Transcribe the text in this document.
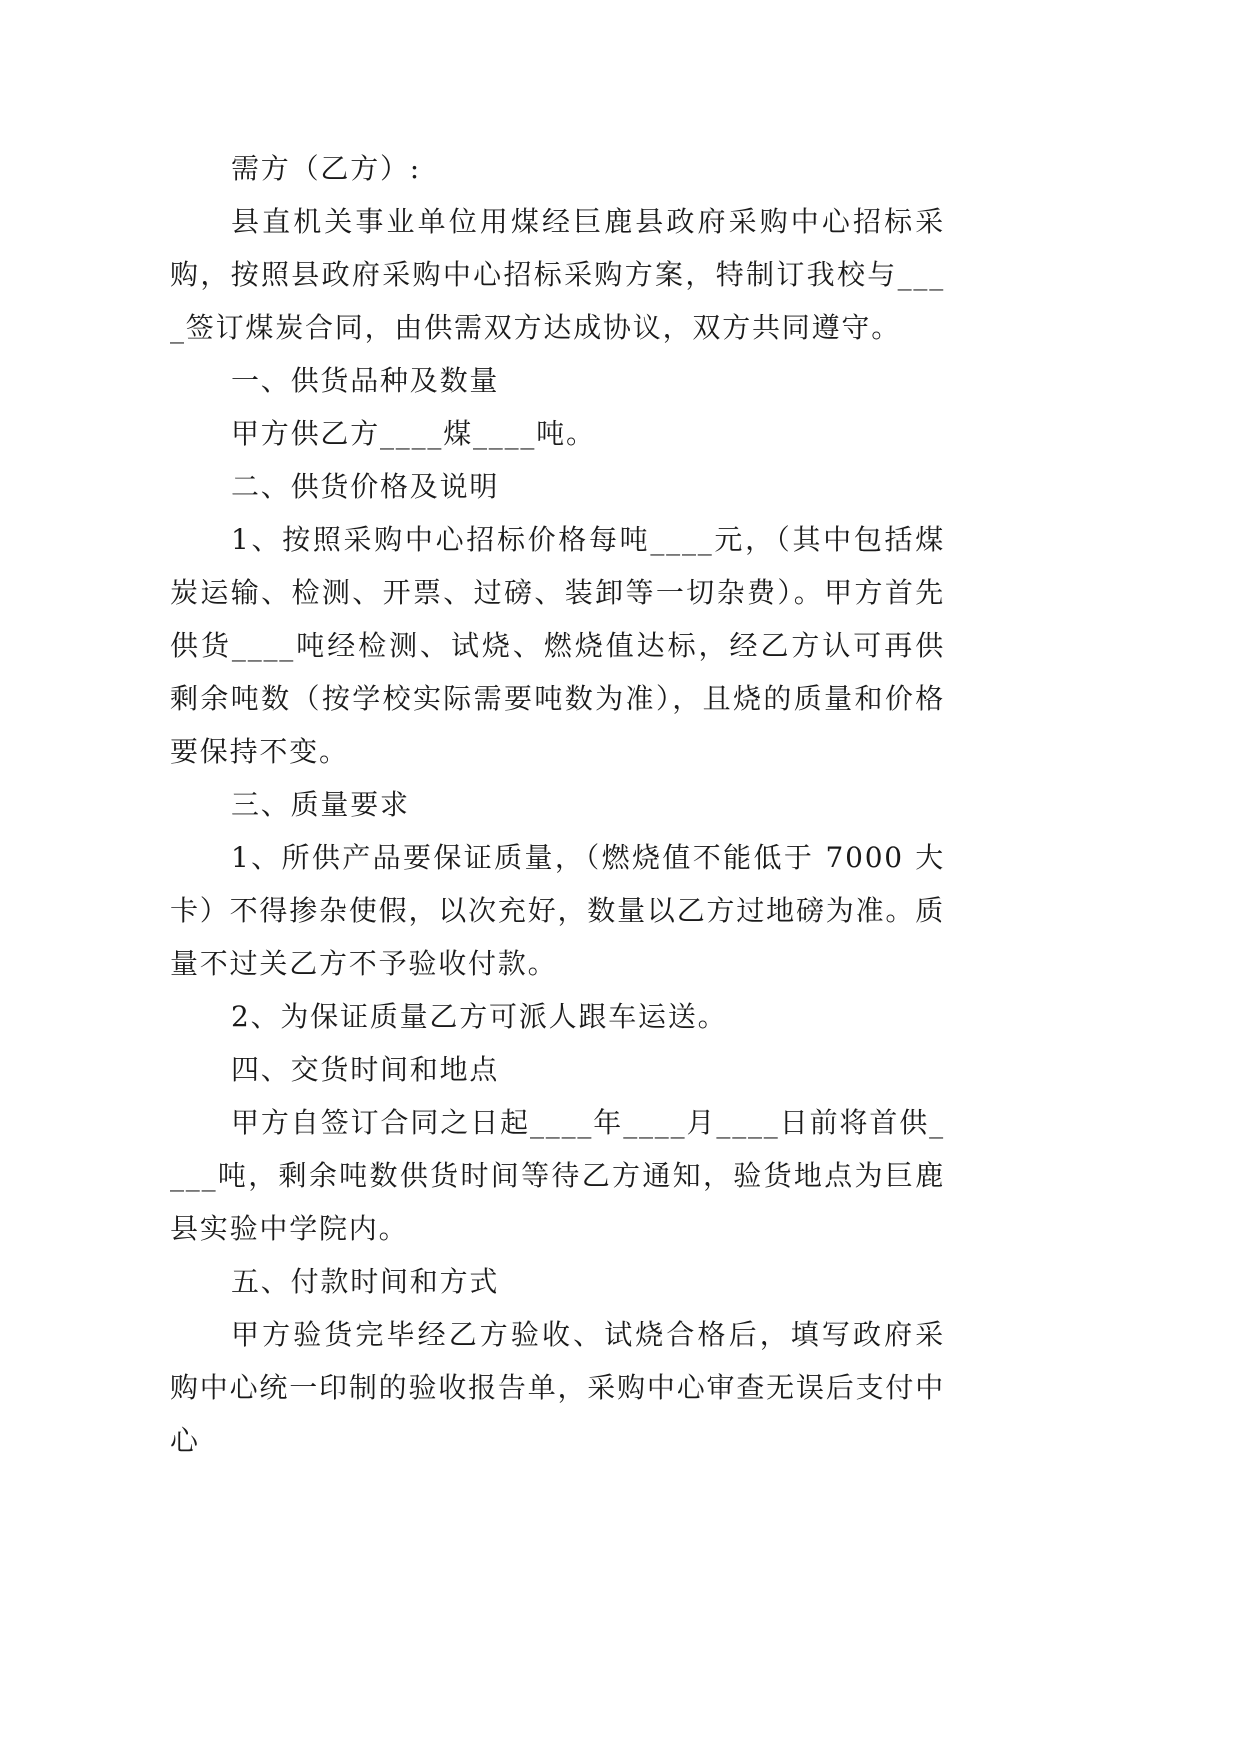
需方（乙方）:

县直机关事业单位用煤经巨鹿县政府采购中心招标采购，按照县政府采购中心招标采购方案，特制订我校与____签订煤炭合同，由供需双方达成协议，双方共同遵守。

一、供货品种及数量

甲方供乙方____煤____吨。

二、供货价格及说明

1、按照采购中心招标价格每吨____元，（其中包括煤炭运输、检测、开票、过磅、装卸等一切杂费）。甲方首先供货____吨经检测、试烧、燃烧值达标，经乙方认可再供剩余吨数（按学校实际需要吨数为准），且烧的质量和价格要保持不变。

三、质量要求

1、所供产品要保证质量，（燃烧值不能低于 7000 大卡）不得掺杂使假，以次充好，数量以乙方过地磅为准。质量不过关乙方不予验收付款。

2、为保证质量乙方可派人跟车运送。

四、交货时间和地点

甲方自签订合同之日起____年____月____日前将首供____吨，剩余吨数供货时间等待乙方通知，验货地点为巨鹿县实验中学院内。

五、付款时间和方式

甲方验货完毕经乙方验收、试烧合格后，填写政府采购中心统一印制的验收报告单，采购中心审查无误后支付中心
